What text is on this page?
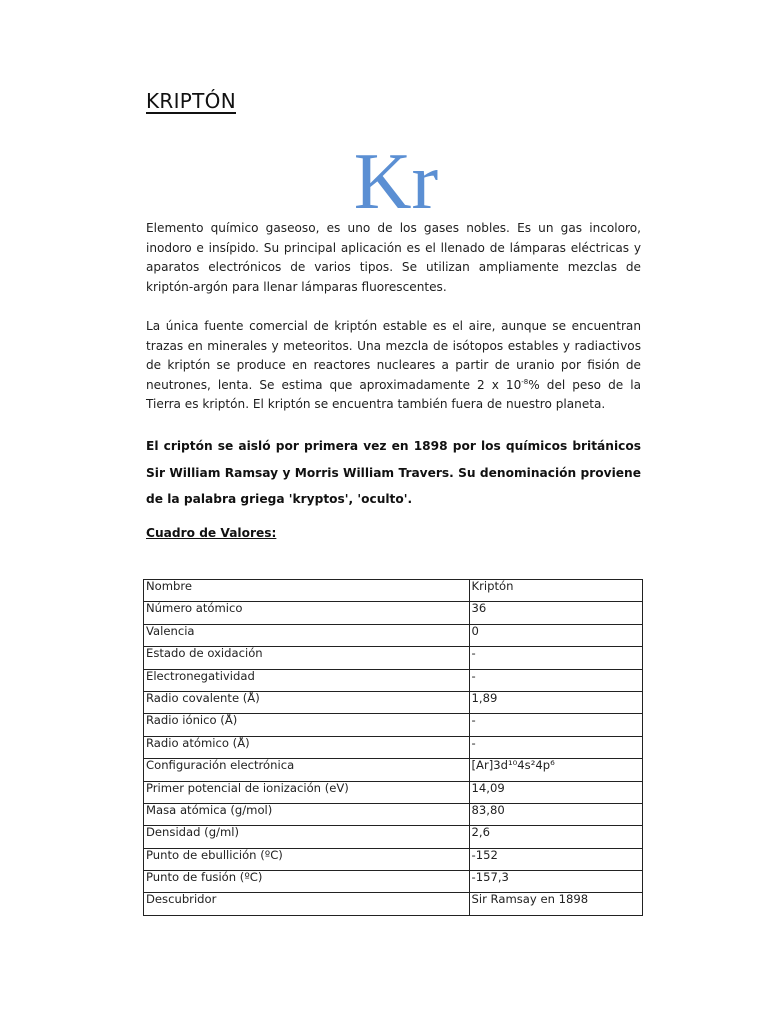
KRIPTÓN
Kr

Elemento químico gaseoso, es uno de los gases nobles. Es un gas incoloro, inodoro e insípido. Su principal aplicación es el llenado de lámparas eléctricas y aparatos electrónicos de varios tipos. Se utilizan ampliamente mezclas de kriptón-argón para llenar lámparas fluorescentes.

La única fuente comercial de kriptón estable es el aire, aunque se encuentran trazas en minerales y meteoritos. Una mezcla de isótopos estables y radiactivos de kriptón se produce en reactores nucleares a partir de uranio por fisión de neutrones, lenta. Se estima que aproximadamente 2 x $10^{-8}\%$ del peso de la Tierra es kriptón. El kriptón se encuentra también fuera de nuestro planeta.

El criptón se aisló por primera vez en 1898 por los químicos británicos Sir William Ramsay y Morris William Travers. Su denominación proviene de la palabra griega 'kryptos', 'oculto'.

Cuadro de Valores:

Nombre	Kriptón
Número atómico	36
Valencia	0
Estado de oxidación	-
Electronegatividad	-
Radio covalente (Å)	1,89
Radio iónico (Å)	-
Radio atómico (Å)	-
Configuración electrónica	[Ar]3d¹⁰4s²4p⁶
Primer potencial de ionización (eV)	14,09
Masa atómica (g/mol)	83,80
Densidad (g/ml)	2,6
Punto de ebullición (ºC)	-152
Punto de fusión (ºC)	-157,3
Descubridor	Sir Ramsay en 1898
